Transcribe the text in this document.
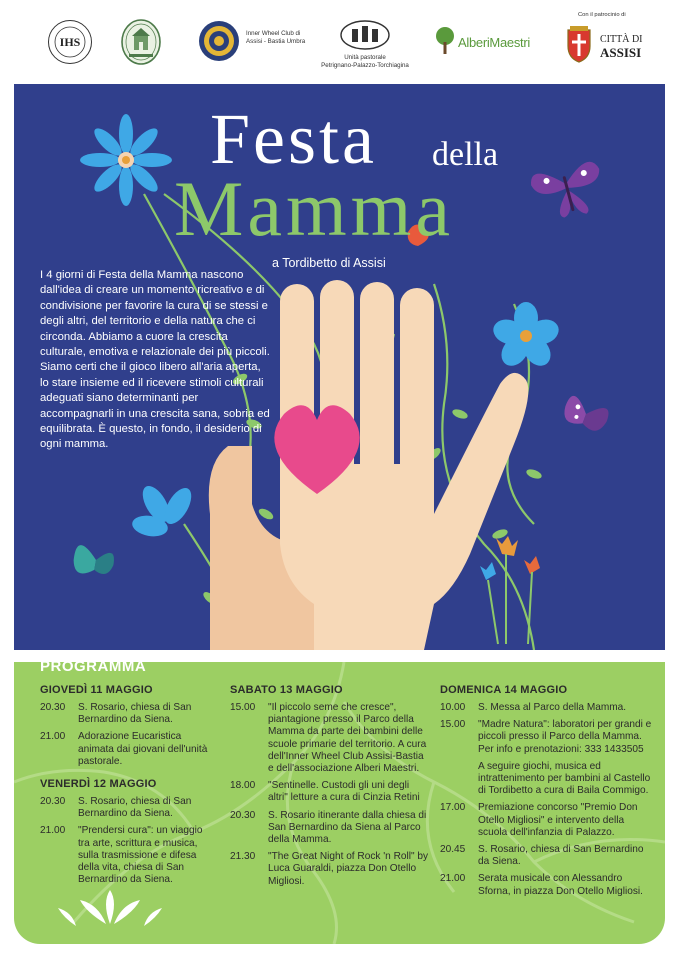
IHS
Inner Wheel Club di
Assisi - Bastia Umbra
Unità pastorale
Petrignano-Palazzo-Torchiagina
AlberiMaestri
Con il patrocinio di
CITTÀ DI
ASSISI
Festa della
Mamma
a Tordibetto di Assisi
I 4 giorni di Festa della Mamma nascono dall'idea di creare un momento ricreativo e di condivisione per favorire la cura di se stessi e degli altri, del territorio e della natura che ci circonda. Abbiamo a cuore la crescita culturale, emotiva e relazionale dei più piccoli. Siamo certi che il gioco libero all'aria aperta, lo stare insieme ed il ricevere stimoli culturali adeguati siano determinanti per accompagnarli in una crescita sana, sobria ed equilibrata. È questo, in fondo, il desiderio di ogni mamma.
PROGRAMMA
GIOVEDÌ 11 MAGGIO
20.30	S. Rosario, chiesa di San Bernardino da Siena.
21.00	Adorazione Eucaristica animata dai giovani dell'unità pastorale.
VENERDÌ 12 MAGGIO
20.30	S. Rosario, chiesa di San Bernardino da Siena.
21.00	"Prendersi cura": un viaggio tra arte, scrittura e musica, sulla trasmissione e difesa della vita, chiesa di San Bernardino da Siena.
SABATO 13 MAGGIO
15.00	"Il piccolo seme che cresce", piantagione presso il Parco della Mamma da parte dei bambini delle scuole primarie del territorio. A cura dell'Inner Wheel Club Assisi-Bastia e dell'associazione Alberi Maestri.
18.00	"Sentinelle. Custodi gli uni degli altri" letture a cura di Cinzia Retini
20.30	S. Rosario itinerante dalla chiesa di San Bernardino da Siena al Parco della Mamma.
21.30	"The Great Night of Rock 'n Roll" by Luca Guaraldi, piazza Don Otello Migliosi.
DOMENICA 14 MAGGIO
10.00	S. Messa al Parco della Mamma.
15.00	"Madre Natura": laboratori per grandi e piccoli presso il Parco della Mamma. Per info e prenotazioni: 333 1433505
A seguire giochi, musica ed intrattenimento per bambini al Castello di Tordibetto a cura di Baila Commigo.
17.00	Premiazione concorso "Premio Don Otello Migliosi" e intervento della scuola dell'infanzia di Palazzo.
20.45	S. Rosario, chiesa di San Bernardino da Siena.
21.00	Serata musicale con Alessandro Sforna, in piazza Don Otello Migliosi.
